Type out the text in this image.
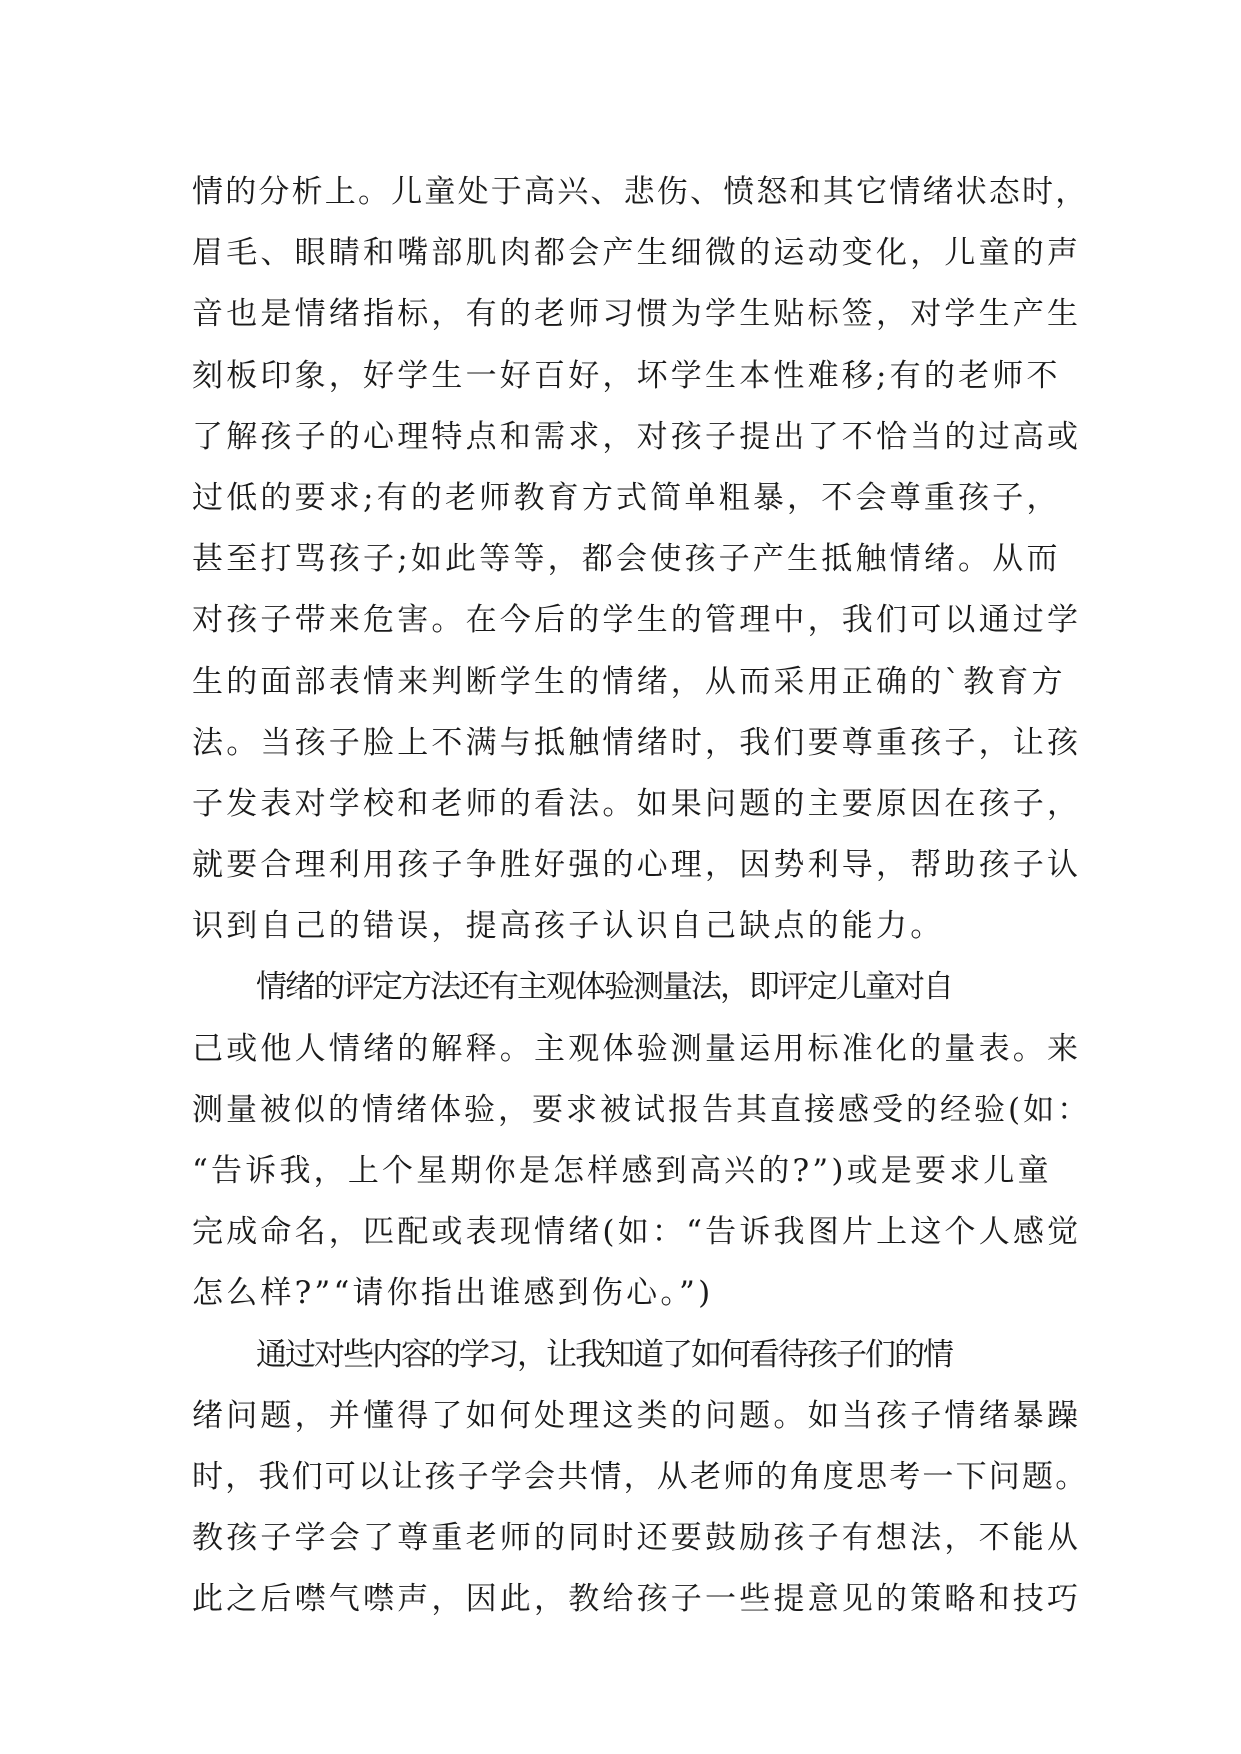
情的分析上。儿童处于高兴、悲伤、愤怒和其它情绪状态时，
眉毛、眼睛和嘴部肌肉都会产生细微的运动变化，儿童的声
音也是情绪指标，有的老师习惯为学生贴标签，对学生产生
刻板印象，好学生一好百好，坏学生本性难移;有的老师不
了解孩子的心理特点和需求，对孩子提出了不恰当的过高或
过低的要求;有的老师教育方式简单粗暴，不会尊重孩子，
甚至打骂孩子;如此等等，都会使孩子产生抵触情绪。从而
对孩子带来危害。在今后的学生的管理中，我们可以通过学
生的面部表情来判断学生的情绪，从而采用正确的`教育方
法。当孩子脸上不满与抵触情绪时，我们要尊重孩子，让孩
子发表对学校和老师的看法。如果问题的主要原因在孩子，
就要合理利用孩子争胜好强的心理，因势利导，帮助孩子认
识到自己的错误，提高孩子认识自己缺点的能力。
情绪的评定方法还有主观体验测量法，即评定儿童对自
己或他人情绪的解释。主观体验测量运用标准化的量表。来
测量被似的情绪体验，要求被试报告其直接感受的经验(如：
“告诉我，上个星期你是怎样感到高兴的?”)或是要求儿童
完成命名，匹配或表现情绪(如：“告诉我图片上这个人感觉
怎么样?”“请你指出谁感到伤心。”)
通过对些内容的学习，让我知道了如何看待孩子们的情
绪问题，并懂得了如何处理这类的问题。如当孩子情绪暴躁
时，我们可以让孩子学会共情，从老师的角度思考一下问题。
教孩子学会了尊重老师的同时还要鼓励孩子有想法，不能从
此之后噤气噤声，因此，教给孩子一些提意见的策略和技巧
